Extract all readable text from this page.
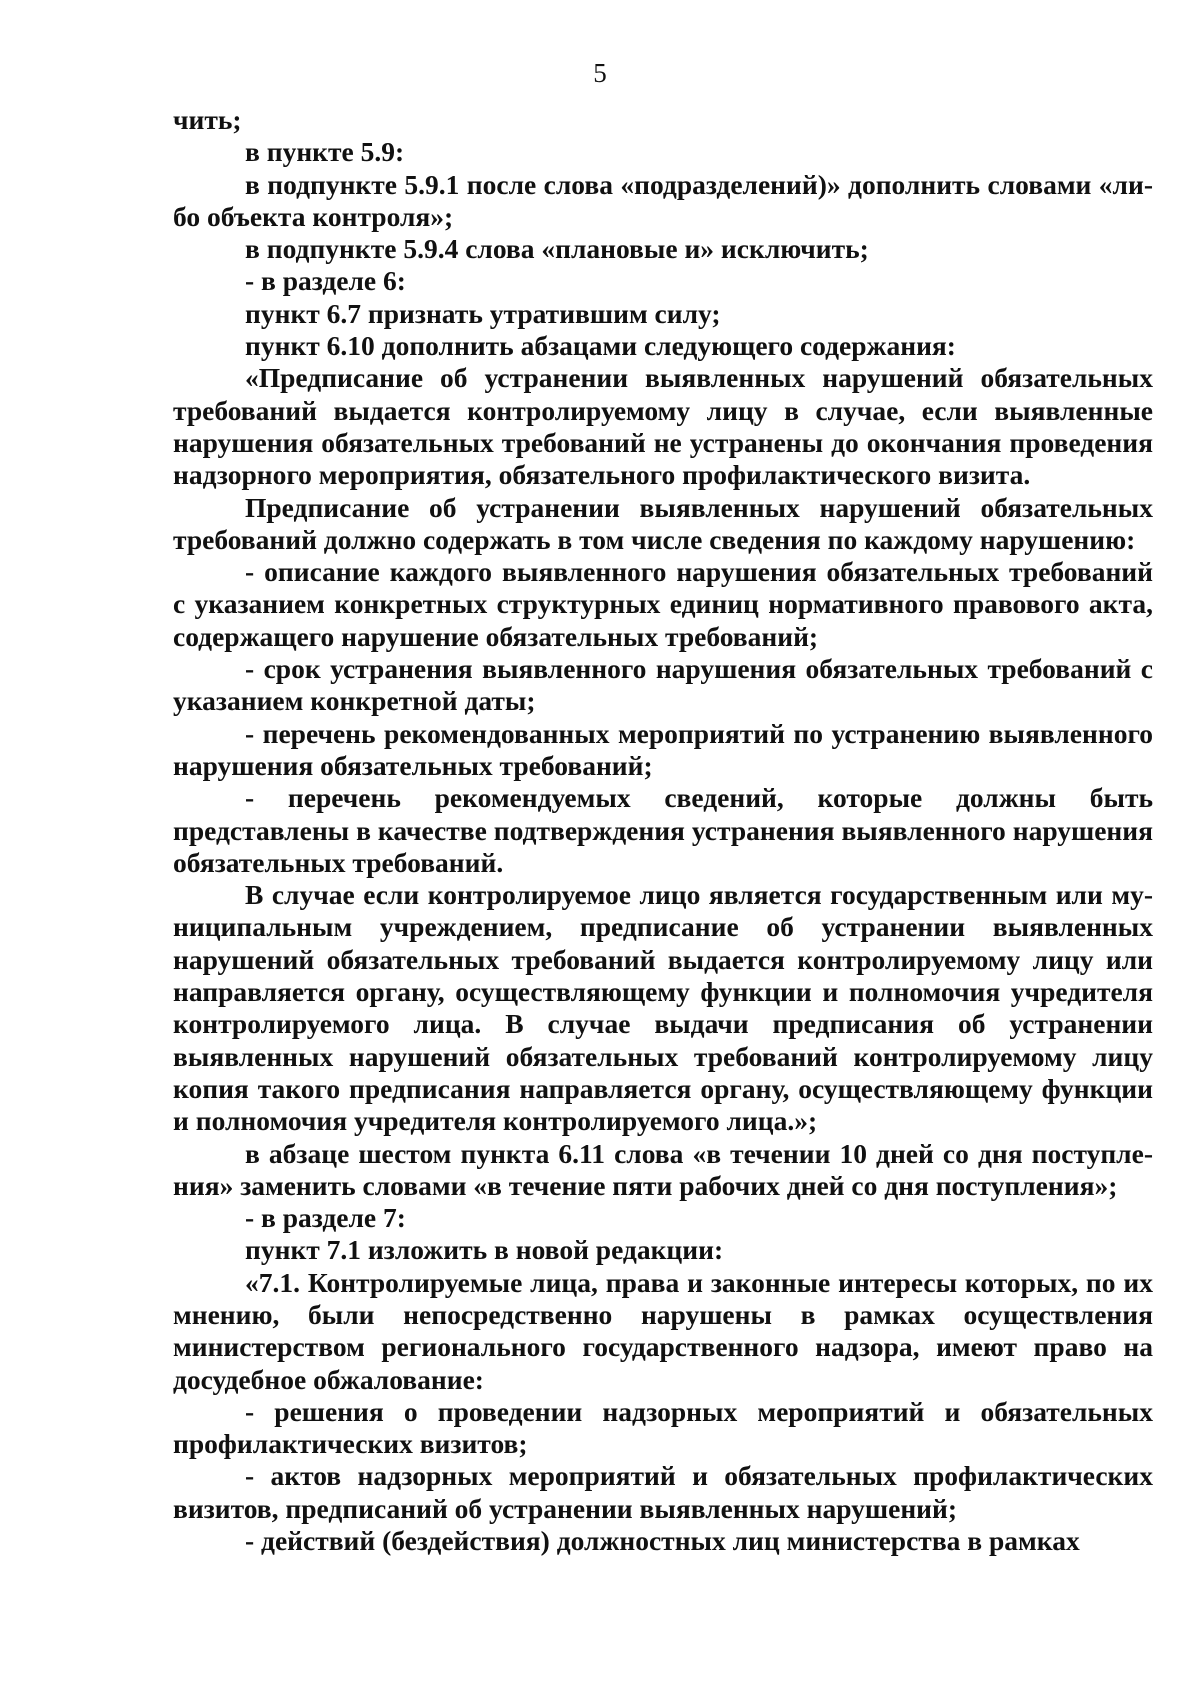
5

чить;

в пункте 5.9:

в подпункте 5.9.1 после слова «подразделений)» дополнить словами «либо объекта контроля»;

в подпункте 5.9.4 слова «плановые и» исключить;

- в разделе 6:

пункт 6.7 признать утратившим силу;

пункт 6.10 дополнить абзацами следующего содержания:

«Предписание об устранении выявленных нарушений обязательных требований выдается контролируемому лицу в случае, если выявленные нарушения обязательных требований не устранены до окончания проведения надзорного мероприятия, обязательного профилактического визита.

Предписание об устранении выявленных нарушений обязательных требований должно содержать в том числе сведения по каждому нарушению:

- описание каждого выявленного нарушения обязательных требований с указанием конкретных структурных единиц нормативного правового акта, содержащего нарушение обязательных требований;

- срок устранения выявленного нарушения обязательных требований с указанием конкретной даты;

- перечень рекомендованных мероприятий по устранению выявленного нарушения обязательных требований;

- перечень рекомендуемых сведений, которые должны быть представлены в качестве подтверждения устранения выявленного нарушения обязательных требований.

В случае если контролируемое лицо является государственным или муниципальным учреждением, предписание об устранении выявленных нарушений обязательных требований выдается контролируемому лицу или направляется органу, осуществляющему функции и полномочия учредителя контролируемого лица. В случае выдачи предписания об устранении выявленных нарушений обязательных требований контролируемому лицу копия такого предписания направляется органу, осуществляющему функции и полномочия учредителя контролируемого лица.»;

в абзаце шестом пункта 6.11 слова «в течении 10 дней со дня поступления» заменить словами «в течение пяти рабочих дней со дня поступления»;

- в разделе 7:

пункт 7.1 изложить в новой редакции:

«7.1. Контролируемые лица, права и законные интересы которых, по их мнению, были непосредственно нарушены в рамках осуществления министерством регионального государственного надзора, имеют право на досудебное обжалование:

- решения о проведении надзорных мероприятий и обязательных профилактических визитов;

- актов надзорных мероприятий и обязательных профилактических визитов, предписаний об устранении выявленных нарушений;

- действий (бездействия) должностных лиц министерства в рамках
